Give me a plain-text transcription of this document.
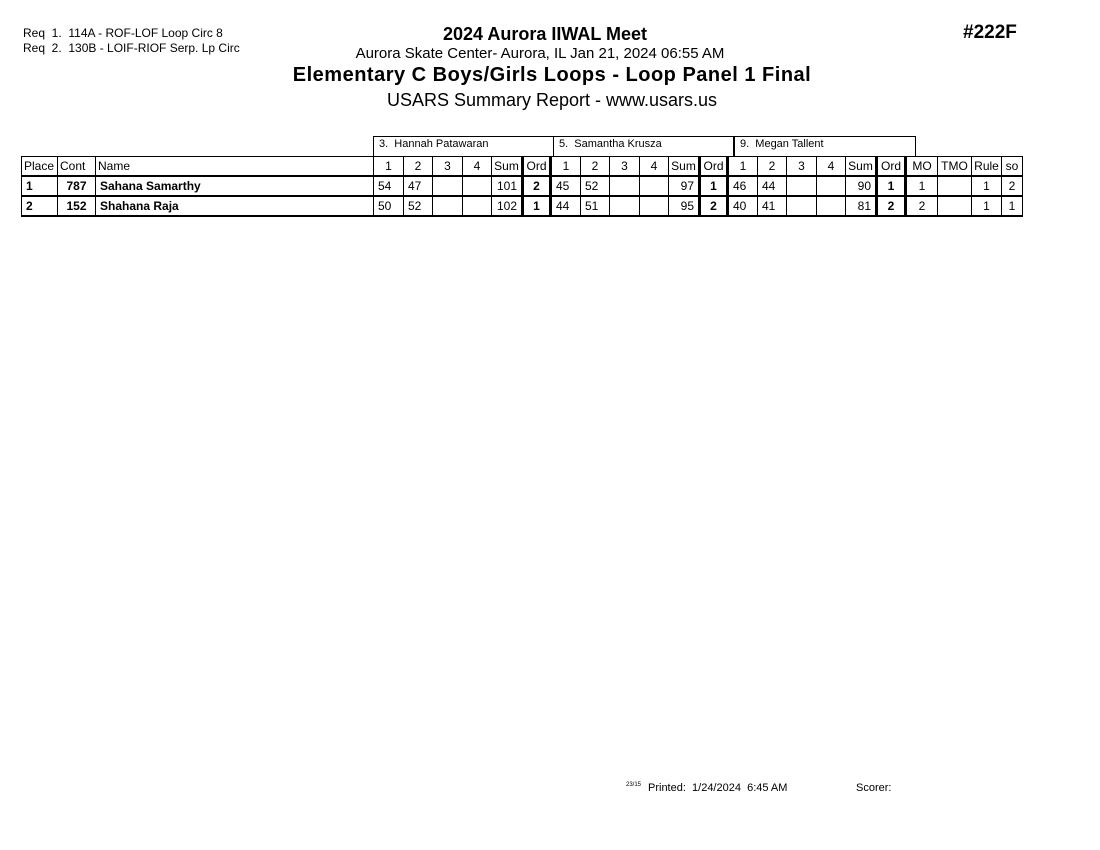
Req  1.  114A - ROF-LOF Loop Circ 8
Req  2.  130B - LOIF-RIOF Serp. Lp Circ
#222F
2024 Aurora IIWAL Meet
Aurora Skate Center- Aurora, IL Jan 21, 2024 06:55 AM
Elementary C Boys/Girls Loops - Loop Panel 1 Final
USARS Summary Report - www.usars.us
3.  Hannah Patawaran	5.  Samantha Krusza	9.  Megan Tallent
Place	Cont	Name	1	2	3	4	Sum	Ord	1	2	3	4	Sum	Ord	1	2	3	4	Sum	Ord	MO	TMO	Rule	so
1	787	Sahana Samarthy	54	47			101	2	45	52			97	1	46	44			90	1	1		1	2
2	152	Shahana Raja	50	52			102	1	44	51			95	2	40	41			81	2	2		1	1
23/15 Printed:  1/24/2024  6:45 AM	Scorer:
